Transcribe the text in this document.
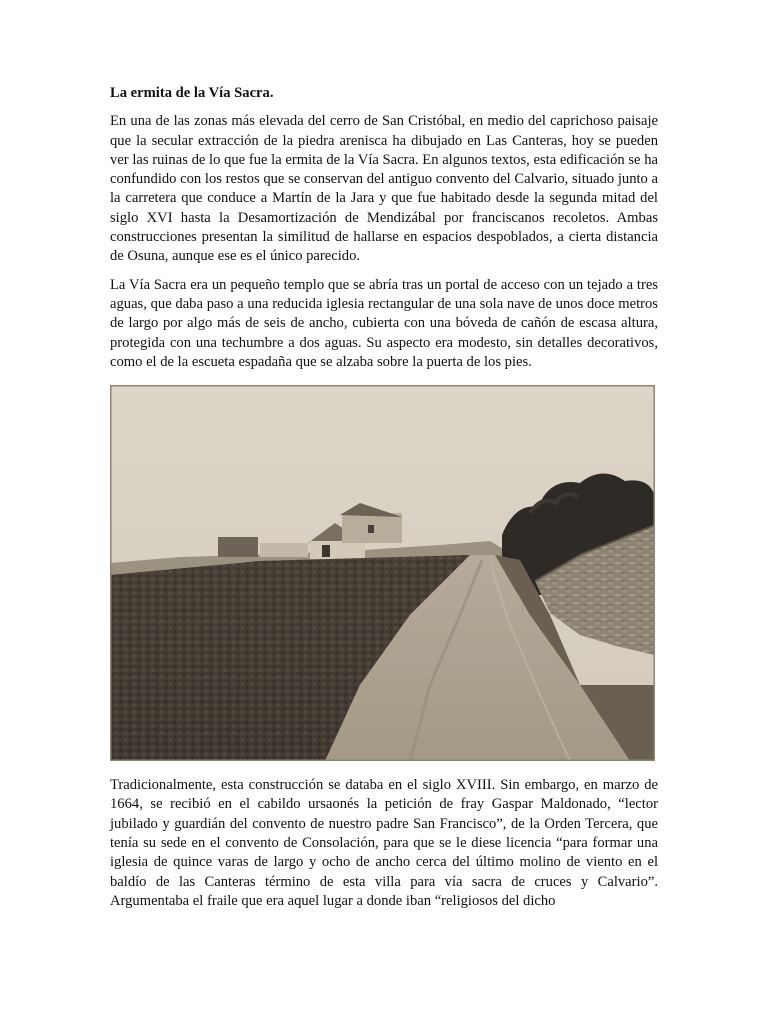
La ermita de la Vía Sacra.

En una de las zonas más elevada del cerro de San Cristóbal, en medio del caprichoso paisaje que la secular extracción de la piedra arenisca ha dibujado en Las Canteras, hoy se pueden ver las ruinas de lo que fue la ermita de la Vía Sacra. En algunos textos, esta edificación se ha confundido con los restos que se conservan del antiguo convento del Calvario, situado junto a la carretera que conduce a Martín de la Jara y que fue habitado desde la segunda mitad del siglo XVI hasta la Desamortización de Mendizábal por franciscanos recoletos. Ambas construcciones presentan la similitud de hallarse en espacios despoblados, a cierta distancia de Osuna, aunque ese es el único parecido.

La Vía Sacra era un pequeño templo que se abría tras un portal de acceso con un tejado a tres aguas, que daba paso a una reducida iglesia rectangular de una sola nave de unos doce metros de largo por algo más de seis de ancho, cubierta con una bóveda de cañón de escasa altura, protegida con una techumbre a dos aguas. Su aspecto era modesto, sin detalles decorativos, como el de la escueta espadaña que se alzaba sobre la puerta de los pies.

Tradicionalmente, esta construcción se databa en el siglo XVIII. Sin embargo, en marzo de 1664, se recibió en el cabildo ursaonés la petición de fray Gaspar Maldonado, “lector jubilado y guardián del convento de nuestro padre San Francisco”, de la Orden Tercera, que tenía su sede en el convento de Consolación, para que se le diese licencia “para formar una iglesia de quince varas de largo y ocho de ancho cerca del último molino de viento en el baldío de las Canteras término de esta villa para vía sacra de cruces y Calvario”. Argumentaba el fraile que era aquel lugar a donde iban “religiosos del dicho
